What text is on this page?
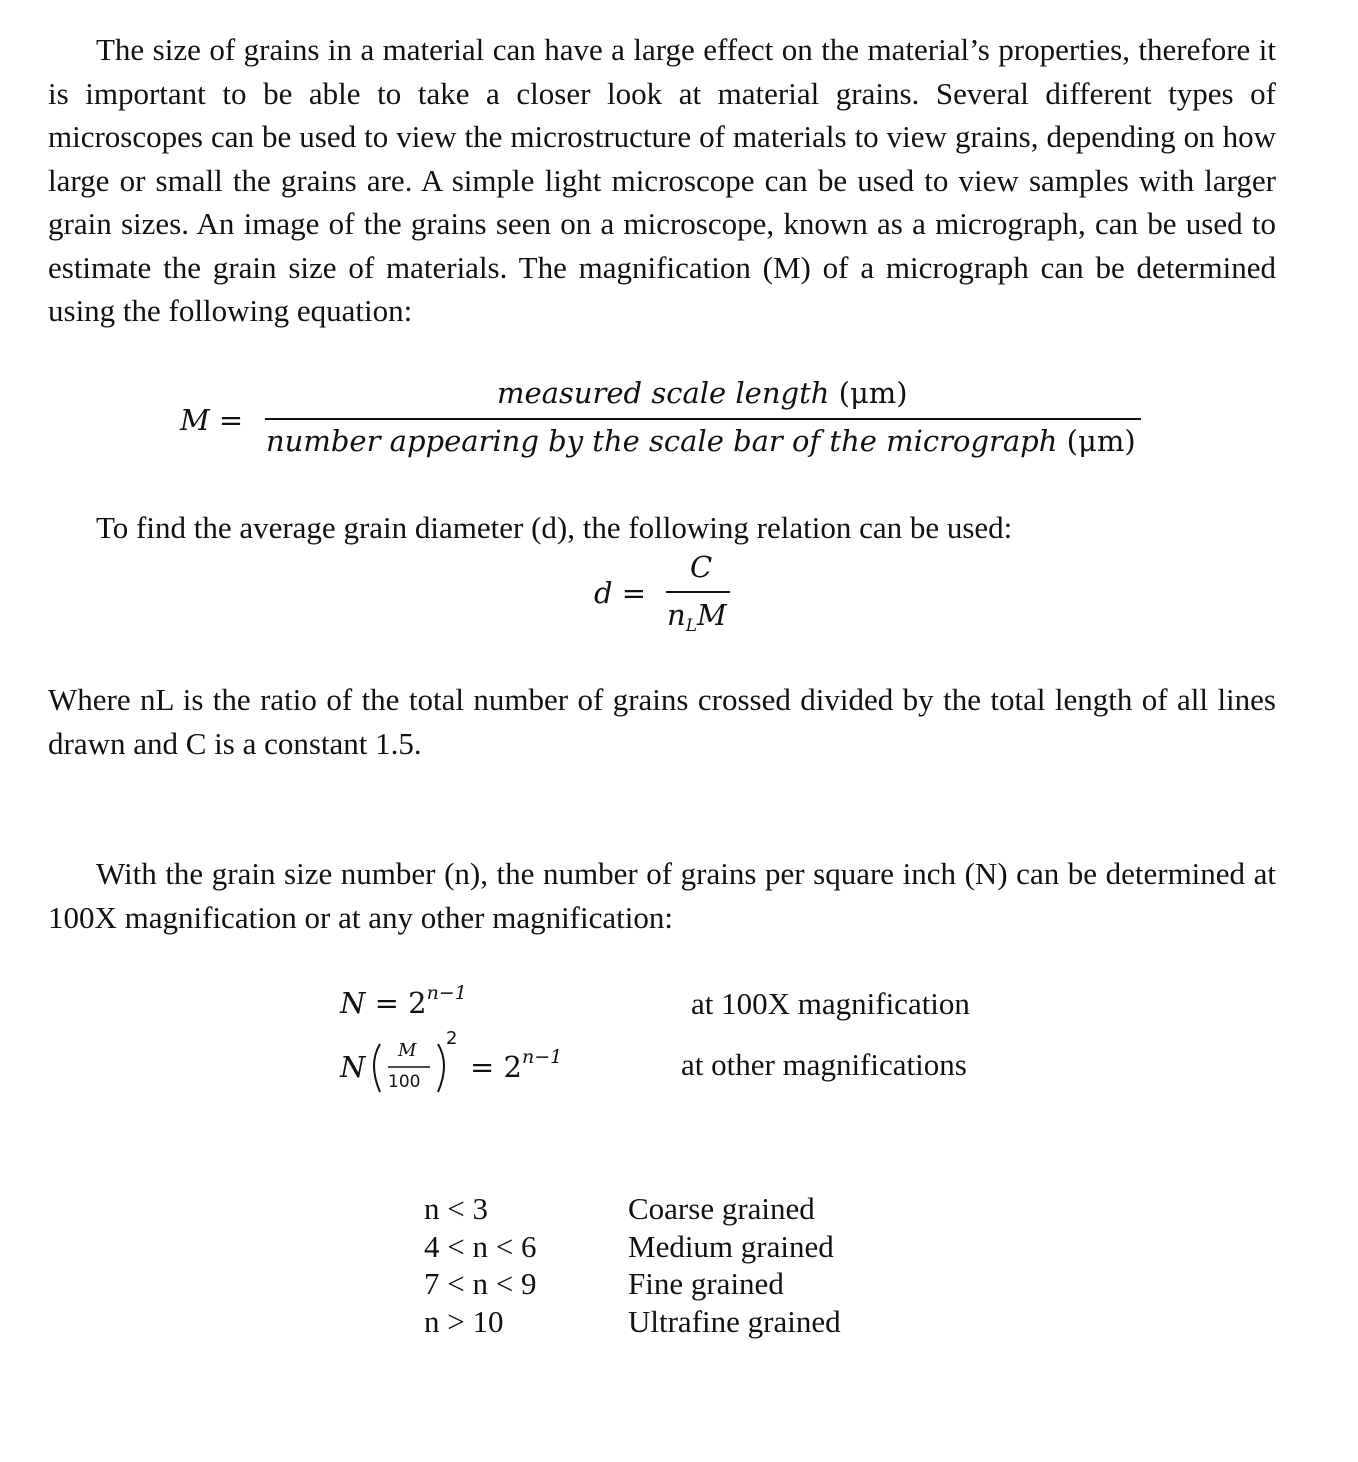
The size of grains in a material can have a large effect on the material’s properties, therefore it is important to be able to take a closer look at material grains. Several different types of microscopes can be used to view the microstructure of materials to view grains, depending on how large or small the grains are. A simple light microscope can be used to view samples with larger grain sizes. An image of the grains seen on a microscope, known as a micrograph, can be used to estimate the grain size of materials. The magnification (M) of a micrograph can be determined using the following equation:

M =
measured scale length (μm)
number appearing by the scale bar of the micrograph (μm)

To find the average grain diameter (d), the following relation can be used:

d =
C
$n_LM$

Where nL is the ratio of the total number of grains crossed divided by the total length of all lines drawn and C is a constant 1.5.

With the grain size number (n), the number of grains per square inch (N) can be determined at 100X magnification or at any other magnification:

$N = 2^{n-1}$	at 100X magnification
N M
100
2
= $2^{n-1}$	at other magnifications
n < 3
4 < n < 6
7 < n < 9
n > 10
Coarse grained
Medium grained
Fine grained
Ultrafine grained
